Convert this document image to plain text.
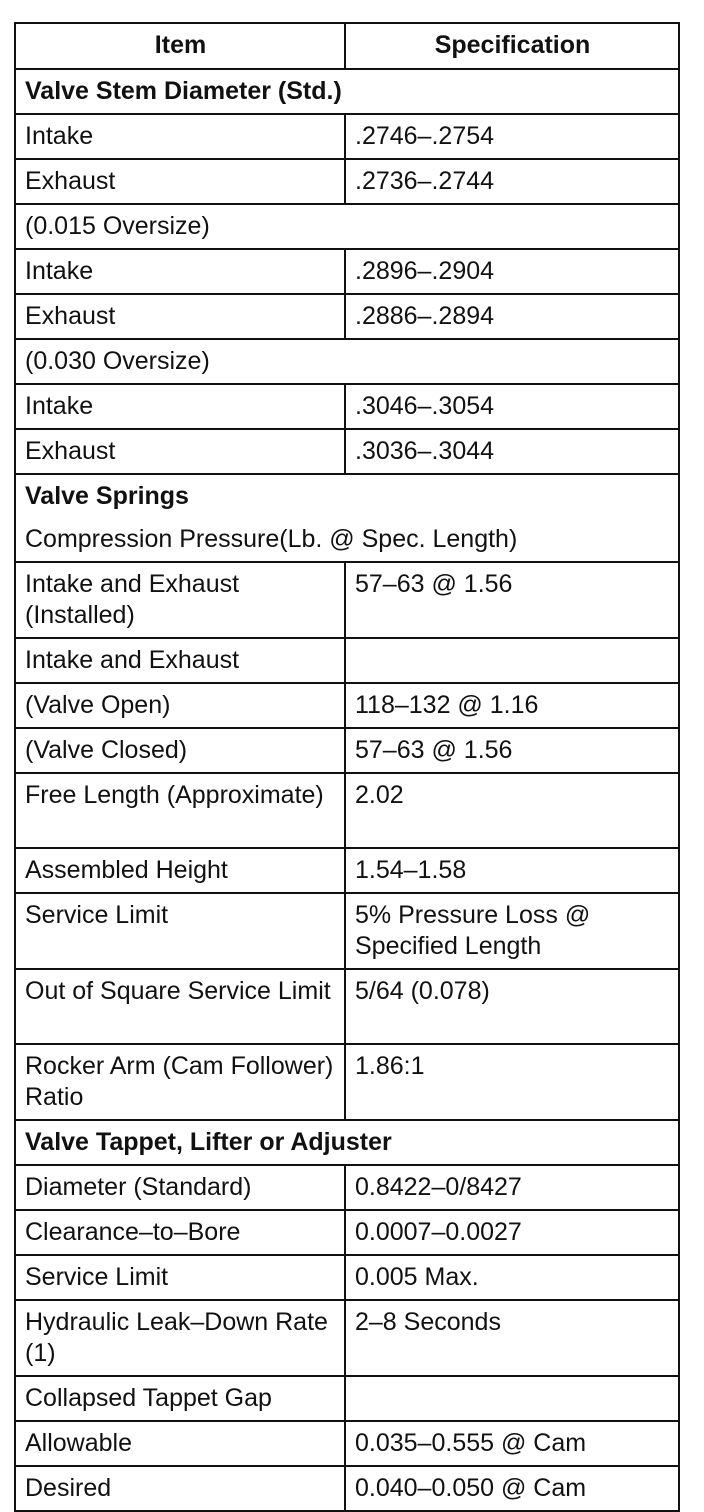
Item	Specification
Valve Stem Diameter (Std.)	
Intake	.2746–.2754
Exhaust	.2736–.2744
(0.015 Oversize)	
Intake	.2896–.2904
Exhaust	.2886–.2894
(0.030 Oversize)	
Intake	.3046–.3054
Exhaust	.3036–.3044
Valve Springs	
Compression Pressure(Lb. @ Spec. Length)	
Intake and Exhaust (Installed)	57–63 @ 1.56
Intake and Exhaust	
(Valve Open)	118–132 @ 1.16
(Valve Closed)	57–63 @ 1.56
Free Length (Approximate)	2.02
Assembled Height	1.54–1.58
Service Limit	5% Pressure Loss @ Specified Length
Out of Square Service Limit	5/64 (0.078)
Rocker Arm (Cam Follower) Ratio	1.86:1
Valve Tappet, Lifter or Adjuster	
Diameter (Standard)	0.8422–0/8427
Clearance–to–Bore	0.0007–0.0027
Service Limit	0.005 Max.
Hydraulic Leak–Down Rate (1)	2–8 Seconds
Collapsed Tappet Gap	
Allowable	0.035–0.555 @ Cam
Desired	0.040–0.050 @ Cam
